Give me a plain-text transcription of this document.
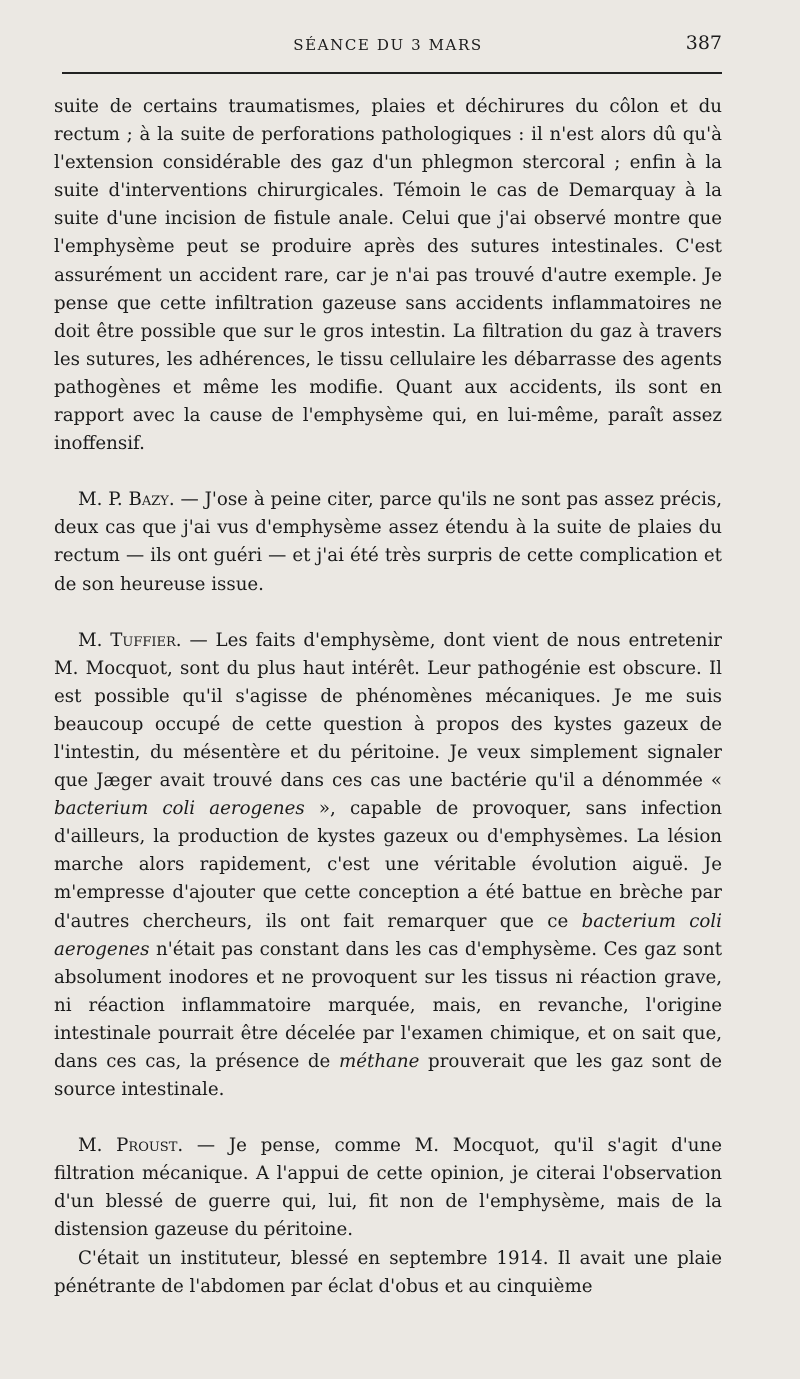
SÉANCE DU 3 MARS	387

suite de certains traumatismes, plaies et déchirures du côlon et du rectum ; à la suite de perforations pathologiques : il n'est alors dû qu'à l'extension considérable des gaz d'un phlegmon stercoral ; enfin à la suite d'interventions chirurgicales. Témoin le cas de Demarquay à la suite d'une incision de fistule anale. Celui que j'ai observé montre que l'emphysème peut se produire après des sutures intestinales. C'est assurément un accident rare, car je n'ai pas trouvé d'autre exemple. Je pense que cette infiltration gazeuse sans accidents inflammatoires ne doit être possible que sur le gros intestin. La filtration du gaz à travers les sutures, les adhérences, le tissu cellulaire les débarrasse des agents pathogènes et même les modifie. Quant aux accidents, ils sont en rapport avec la cause de l'emphysème qui, en lui-même, paraît assez inoffensif.

M. P. Bazy. — J'ose à peine citer, parce qu'ils ne sont pas assez précis, deux cas que j'ai vus d'emphysème assez étendu à la suite de plaies du rectum — ils ont guéri — et j'ai été très surpris de cette complication et de son heureuse issue.

M. Tuffier. — Les faits d'emphysème, dont vient de nous entretenir M. Mocquot, sont du plus haut intérêt. Leur pathogénie est obscure. Il est possible qu'il s'agisse de phénomènes mécaniques. Je me suis beaucoup occupé de cette question à propos des kystes gazeux de l'intestin, du mésentère et du péritoine. Je veux simplement signaler que Jæger avait trouvé dans ces cas une bactérie qu'il a dénommée « bacterium coli aerogenes », capable de provoquer, sans infection d'ailleurs, la production de kystes gazeux ou d'emphysèmes. La lésion marche alors rapidement, c'est une véritable évolution aiguë. Je m'empresse d'ajouter que cette conception a été battue en brèche par d'autres chercheurs, ils ont fait remarquer que ce bacterium coli aerogenes n'était pas constant dans les cas d'emphysème. Ces gaz sont absolument inodores et ne provoquent sur les tissus ni réaction grave, ni réaction inflammatoire marquée, mais, en revanche, l'origine intestinale pourrait être décelée par l'examen chimique, et on sait que, dans ces cas, la présence de méthane prouverait que les gaz sont de source intestinale.

M. Proust. — Je pense, comme M. Mocquot, qu'il s'agit d'une filtration mécanique. A l'appui de cette opinion, je citerai l'observation d'un blessé de guerre qui, lui, fit non de l'emphysème, mais de la distension gazeuse du péritoine.

C'était un instituteur, blessé en septembre 1914. Il avait une plaie pénétrante de l'abdomen par éclat d'obus et au cinquième
